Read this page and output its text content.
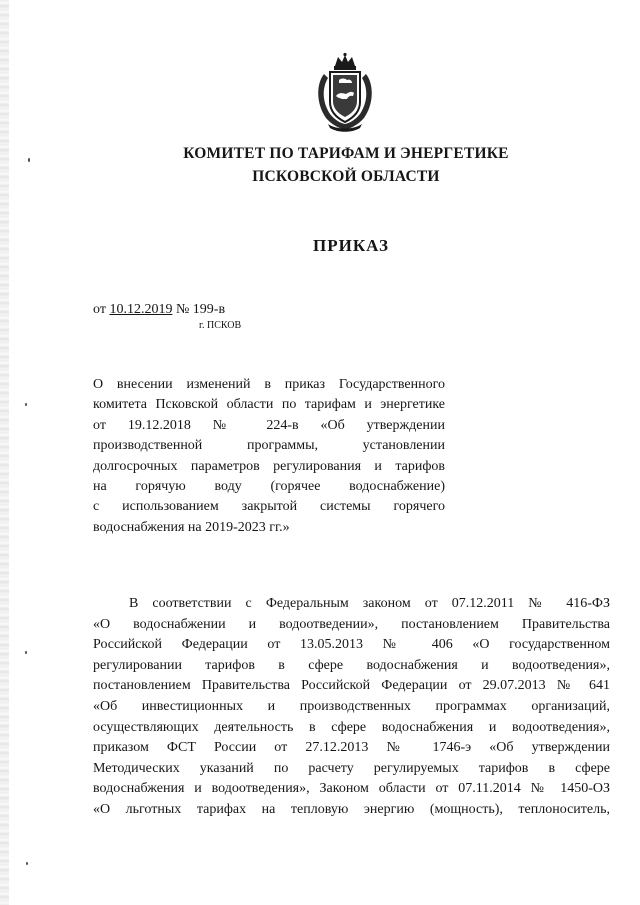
КОМИТЕТ ПО ТАРИФАМ И ЭНЕРГЕТИКЕ
ПСКОВСКОЙ ОБЛАСТИ
ПРИКАЗ
от 10.12.2019 № 199-в
г. ПСКОВ
О внесении изменений в приказ Государственного
комитета Псковской области по тарифам и энергетике
от 19.12.2018 № 224-в «Об утверждении
производственной программы, установлении
долгосрочных параметров регулирования и тарифов
на горячую воду (горячее водоснабжение)
с использованием закрытой системы горячего
водоснабжения на 2019-2023 гг.»
В соответствии с Федеральным законом от 07.12.2011 № 416-ФЗ
«О водоснабжении и водоотведении», постановлением Правительства
Российской Федерации от 13.05.2013 № 406 «О государственном
регулировании тарифов в сфере водоснабжения и водоотведения»,
постановлением Правительства Российской Федерации от 29.07.2013 № 641
«Об инвестиционных и производственных программах организаций,
осуществляющих деятельность в сфере водоснабжения и водоотведения»,
приказом ФСТ России от 27.12.2013 № 1746-э «Об утверждении
Методических указаний по расчету регулируемых тарифов в сфере
водоснабжения и водоотведения», Законом области от 07.11.2014 № 1450-ОЗ
«О льготных тарифах на тепловую энергию (мощность), теплоноситель,
